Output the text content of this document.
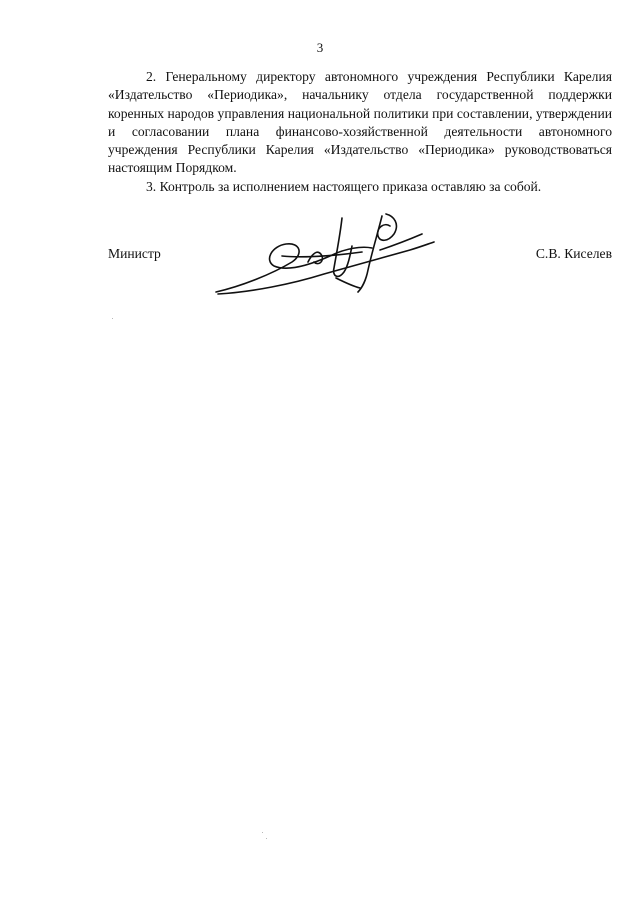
3

2. Генеральному директору автономного учреждения Республики Карелия «Издательство «Периодика», начальнику отдела государственной поддержки коренных народов управления национальной политики при составлении, утверждении и согласовании плана финансово-хозяйственной деятельности автономного учреждения Республики Карелия «Издательство «Периодика» руководствоваться настоящим Порядком.

3. Контроль за исполнением настоящего приказа оставляю за собой.

Министр	С.В. Киселев
